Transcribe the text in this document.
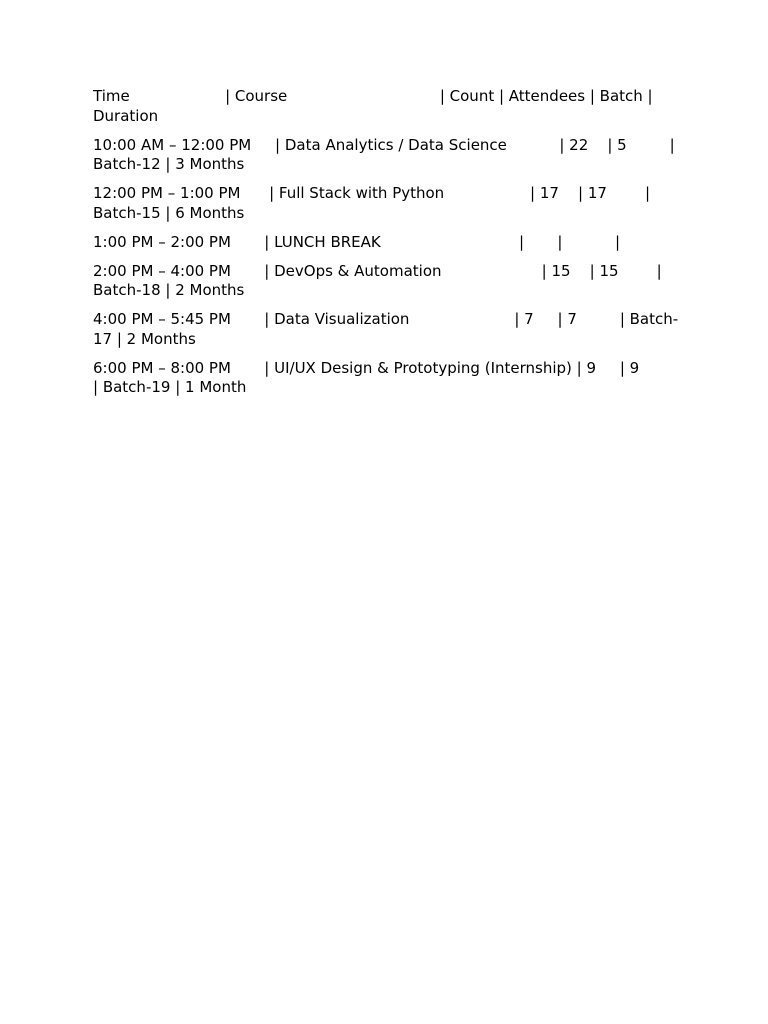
Time                    | Course                                | Count | Attendees | Batch | Duration

10:00 AM – 12:00 PM     | Data Analytics / Data Science           | 22    | 5         | Batch-12 | 3 Months

12:00 PM – 1:00 PM      | Full Stack with Python                  | 17    | 17        | Batch-15 | 6 Months

1:00 PM – 2:00 PM       | LUNCH BREAK                             |       |           |

2:00 PM – 4:00 PM       | DevOps & Automation                     | 15    | 15        | Batch-18 | 2 Months

4:00 PM – 5:45 PM       | Data Visualization                      | 7     | 7         | Batch-17 | 2 Months

6:00 PM – 8:00 PM       | UI/UX Design & Prototyping (Internship) | 9     | 9         | Batch-19 | 1 Month
